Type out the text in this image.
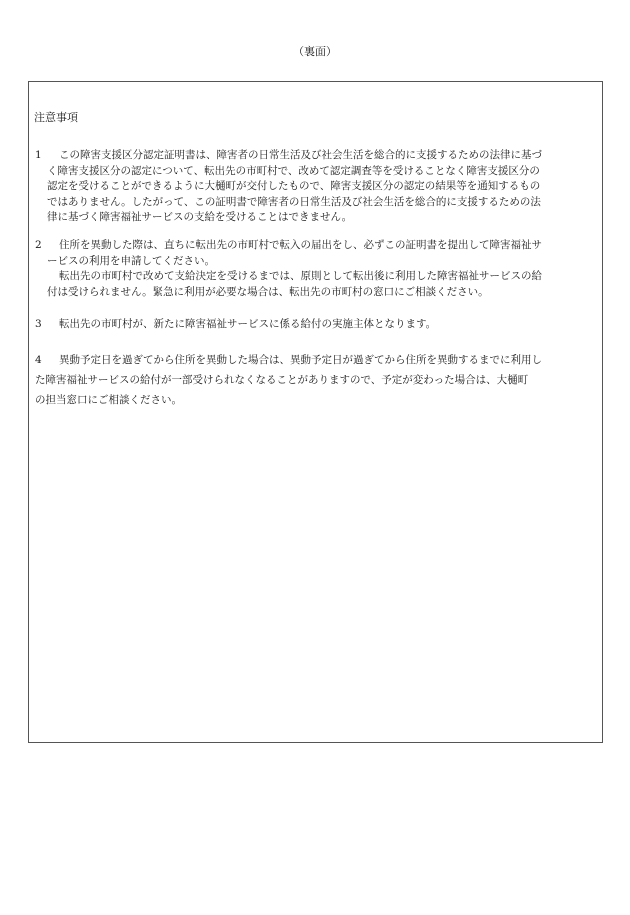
（裏面）
注意事項
1	この障害支援区分認定証明書は、障害者の日常生活及び社会生活を総合的に支援するための法律に基づ
く障害支援区分の認定について、転出先の市町村で、改めて認定調査等を受けることなく障害支援区分の
認定を受けることができるように大樋町が交付したもので、障害支援区分の認定の結果等を通知するもの
ではありません。したがって、この証明書で障害者の日常生活及び社会生活を総合的に支援するための法
律に基づく障害福祉サービスの支給を受けることはできません。
2	住所を異動した際は、直ちに転出先の市町村で転入の届出をし、必ずこの証明書を提出して障害福祉サ
ービスの利用を申請してください。
転出先の市町村で改めて支給決定を受けるまでは、原則として転出後に利用した障害福祉サービスの給
付は受けられません。緊急に利用が必要な場合は、転出先の市町村の窓口にご相談ください。
3	転出先の市町村が、新たに障害福祉サービスに係る給付の実施主体となります。
4	異動予定日を過ぎてから住所を異動した場合は、異動予定日が過ぎてから住所を異動するまでに利用し
た障害福祉サービスの給付が一部受けられなくなることがありますので、予定が変わった場合は、大樋町
の担当窓口にご相談ください。
